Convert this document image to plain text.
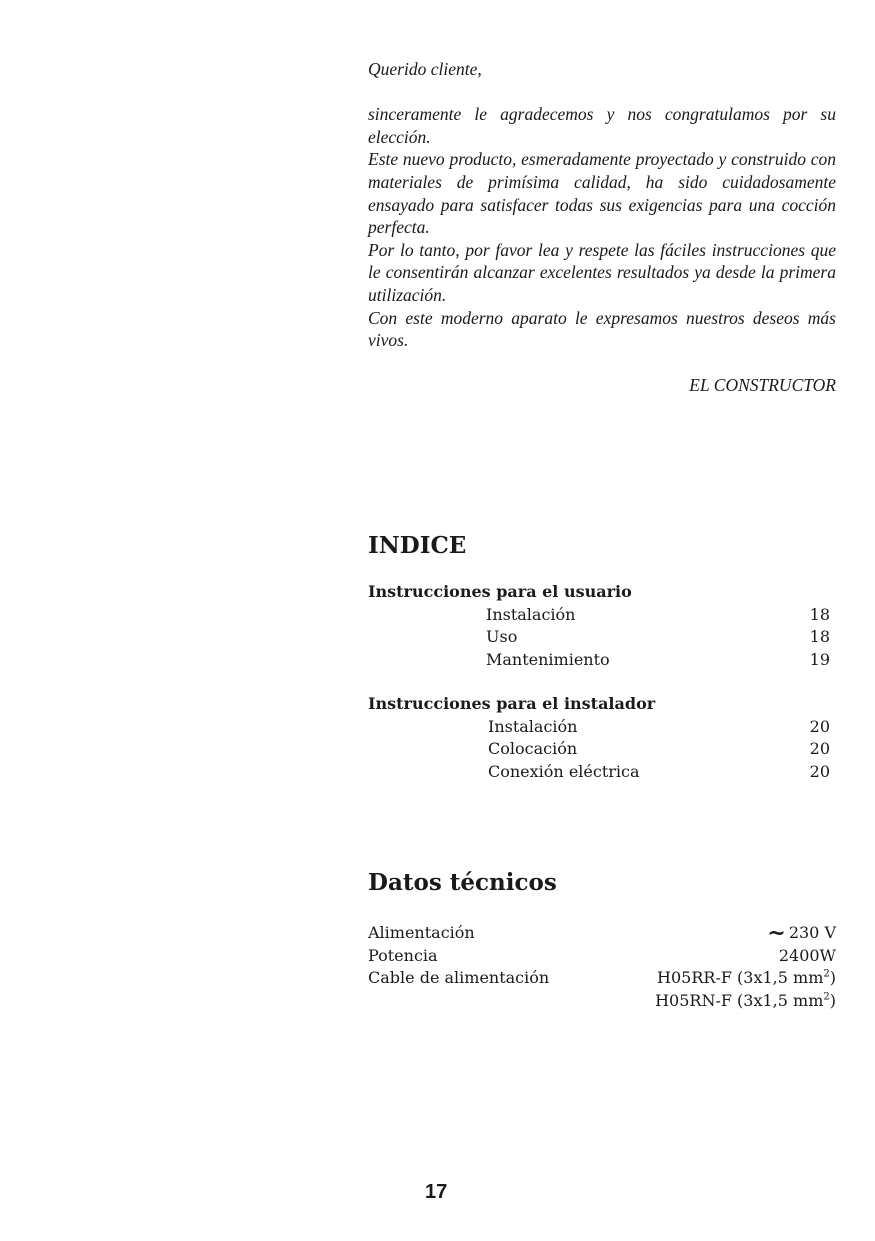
Querido cliente,

sinceramente le agradecemos y nos congratulamos por su elección.

Este nuevo producto, esmeradamente proyectado y construido con materiales de primísima calidad, ha sido cuidadosamente ensayado para satisfacer todas sus exigencias para una cocción perfecta.

Por lo tanto, por favor lea y respete las fáciles instrucciones que le consentirán alcanzar excelentes resultados ya desde la primera utilización.

Con este moderno aparato le expresamos nuestros deseos más vivos.

EL CONSTRUCTOR

INDICE

Instrucciones para el usuario

Instalación	18
Uso	18
Mantenimiento	19

Instrucciones para el instalador

Instalación	20
Colocación	20
Conexión eléctrica	20
Datos técnicos
Alimentación	~ 230 V
Potencia	2400W
Cable de alimentación	H05RR-F (3x1,5 $mm^2$)
H05RN-F (3x1,5 $mm^2$)
17
